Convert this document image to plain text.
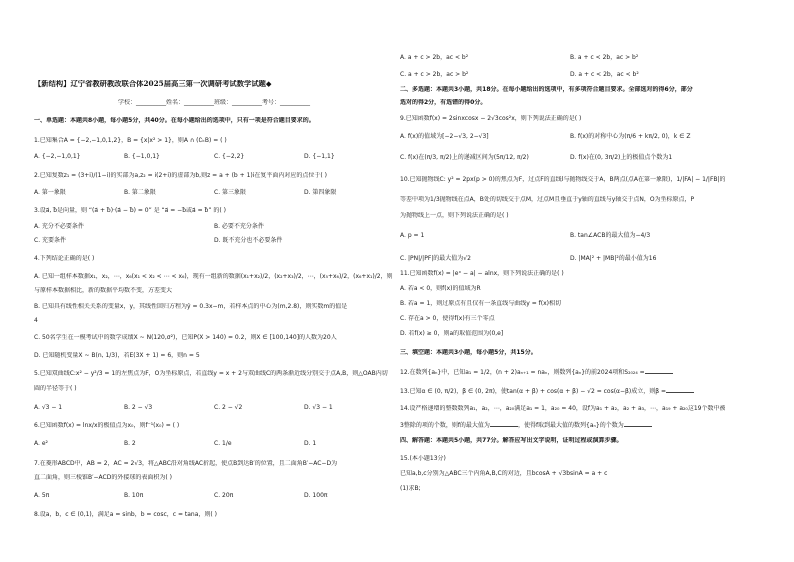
【新结构】辽宁省教研教改联合体2025届高三第一次调研考试数学试题◆
学校：__________姓名：__________班级：__________考号：__________
一、单选题：本题共8小题，每小题5分，共40分。在每小题给出的选项中，只有一项是符合题目要求的。
1.已知集合A = {−2,−1,0,1,2}，B = {x|x² > 1}，则A ∩ (∁ₖB) = ( )
A. {−2,−1,0,1}	B. {−1,0,1}	C. {−2,2}	D. {−1,1}
2.已知复数z₁ = (3+i)/(1−i)的实部为a,z₂ = i(2+i)的虚部为b,则z = a + (b + 1)i在复平面内对应的点位于( )
A. 第一象限	B. 第二象限	C. 第三象限	D. 第四象限
3.设a⃗, b⃗是向量，则 “(a⃗ + b⃗)·(a⃗ − b⃗) = 0” 是 “a⃗ = −b⃗或a⃗ = b⃗” 的( )
A. 充分不必要条件	B. 必要不充分条件
C. 充要条件	D. 既不充分也不必要条件
4.下列结论正确的是( )
A. 已知一组样本数据x₁，x₂，⋯，x₆(x₁ < x₂ < ⋯ < x₆)，现有一组新的数据(x₁+x₂)/2，(x₂+x₃)/2，⋯，(x₅+x₆)/2，(x₆+x₁)/2，则
与原样本数据相比，新的数据平均数不变，方差变大
B. 已知具有线性相关关系的变量x，y，其线性回归方程为ŷ = 0.3x−m，若样本点的中心为(m,2.8)，则实数m的值是
4
C. 50名学生在一模考试中的数学成绩X ~ N(120,σ²)，已知P(X > 140) = 0.2，则X ∈ [100,140]的人数为20人
D. 已知随机变量X ~ B(n, 1/3)，若E(3X + 1) = 6，则n = 5
5.已知双曲线C:x² − y²/3 = 1的左焦点为F，O为坐标原点，若直线y = x + 2与双曲线C的两条渐近线分别交于点A,B，则△OAB内切
圆的半径等于( )
A. √3 − 1	B. 2 − √3	C. 2 − √2	D. √3 − 1
6.已知函数f(x) = lnx/x的极值点为x₀，则f⁻¹(x₀) = ( )
A. e²	B. 2	C. 1/e	D. 1
7.在菱形ABCD中，AB = 2，AC = 2√3，将△ABC沿对角线AC折起，使点B到达B′的位置，且二面角B′−AC−D为
直二面角，则三棱锥B′−ACD的外接球的表面积为( )
A. 5π	B. 10π	C. 20π	D. 100π
8.设a，b，c ∈ (0,1)，满足a = sinb，b = cosc，c = tana，则( )
A. a + c > 2b，ac < b²	B. a + c < 2b，ac > b²
C. a + c > 2b，ac > b²	D. a + c < 2b，ac < b²
二、多选题：本题共3小题，共18分。在每小题给出的选项中，有多项符合题目要求。全部选对的得6分，部分
选对的得2分，有选错的得0分。
9.已知函数f(x) = 2sinxcosx − 2√3cos²x，则下列说法正确的是( )
A. f(x)的值域为[−2−√3, 2−√3]	B. f(x)的对称中心为(π/6 + kπ/2, 0)，k ∈ Z
C. f(x)在(π/3, π/2)上的递减区间为(5π/12, π/2)	D. f(x)在(0, 3π/2)上的极值点个数为1
10.已知抛物线C: y² = 2px(p > 0)的焦点为F，过点F的直线l与抛物线交于A，B两点(点A在第一象限)，1/|FA| − 1/|FB|的
等差中项为1/3抛物线在点A，B处的切线交于点M，过点M且垂直于y轴的直线与y轴交于点N，O为坐标原点，P
为抛物线上一点，则下列说法正确的是( )
A. p = 1	B. tan∠ACB的最大值为−4/3
C. |PN|/|PF|的最大值为√2	D. |MA|² + |MB|²的最小值为16
11.已知函数f(x) = |eˣ − a| − alnx，则下列说法正确的是( )
A. 若a < 0，则f(x)的值域为R
B. 若a = 1，则过原点有且仅有一条直线与曲线y = f(x)相切
C. 存在a > 0，使得f(x)有三个零点
D. 若f(x) ≥ 0，则a的取值范围为(0,e]
三、填空题：本题共3小题，每小题5分，共15分。
12.在数列{aₙ}中，已知a₁ = 1/2，(n + 2)aₙ₊₁ = naₙ，则数列{aₙ}的前2024项和S₂₀₂₄ =
13.已知α ∈ (0, π/2)，β ∈ (0, 2π)，使tan(α + β) + cos(α + β) − √2 = cos(α−β)成立，则β =
14.设严格递增的整数数列a₁，a₂，⋯，a₂₀满足a₁ = 1，a₂₀ = 40，设f为a₁ + a₂，a₂ + a₃，⋯，a₁₉ + a₂₀这19个数中被
3整除的项的个数，则f的最大值为	，使得f取到最大值的数列{aₙ}的个数为
四、解答题：本题共5小题，共77分。解答应写出文字说明，证明过程或演算步骤。
15.(本小题13分)
已知a,b,c分别为△ABC三个内角A,B,C的对边，且bcosA + √3bsinA = a + c
(1)求B;
